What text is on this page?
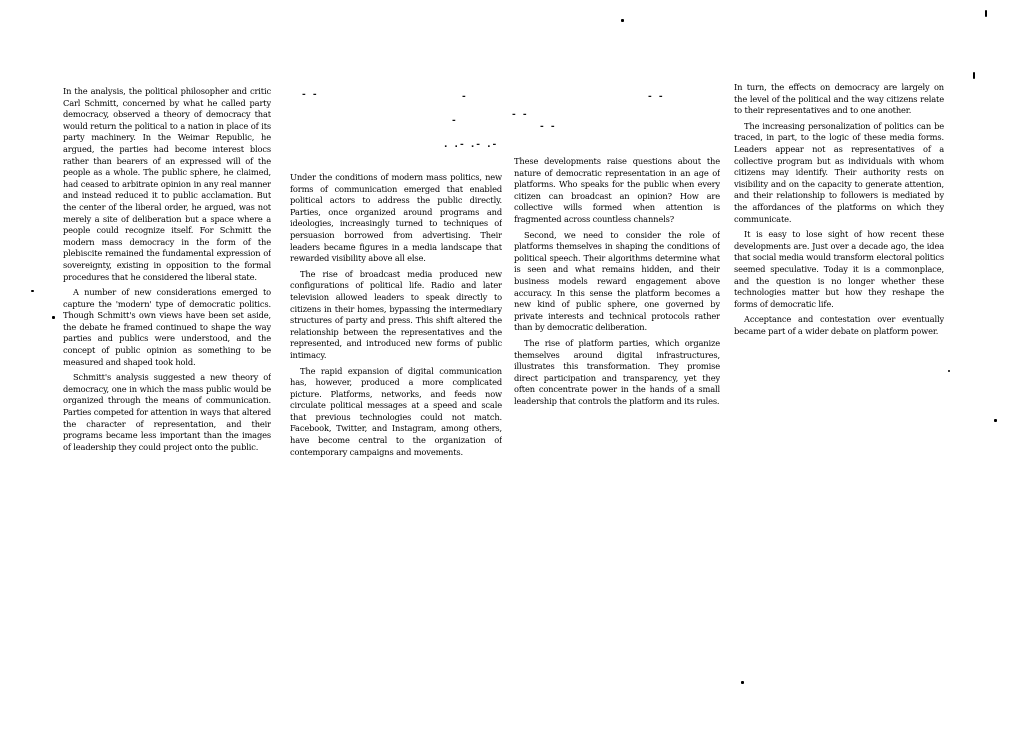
- -	-	- -
-
- -
- -
. .- .- .-

In the analysis, the political philosopher and critic Carl Schmitt, concerned by what he called party democracy, observed a theory of democracy that would return the political to a nation in place of its party machinery. In the Weimar Republic, he argued, the parties had become interest blocs rather than bearers of an expressed will of the people as a whole. The public sphere, he claimed, had ceased to arbitrate opinion in any real manner and instead reduced it to public acclamation. But the center of the liberal order, he argued, was not merely a site of deliberation but a space where a people could recognize itself. For Schmitt the modern mass democracy in the form of the plebiscite remained the fundamental expression of sovereignty, existing in opposition to the formal procedures that he considered the liberal state.

A number of new considerations emerged to capture the 'modern' type of democratic politics. Though Schmitt's own views have been set aside, the debate he framed continued to shape the way parties and publics were understood, and the concept of public opinion as something to be measured and shaped took hold.

Schmitt's analysis suggested a new theory of democracy, one in which the mass public would be organized through the means of communication. Parties competed for attention in ways that altered the character of representation, and their programs became less important than the images of leadership they could project onto the public.

Under the conditions of modern mass politics, new forms of communication emerged that enabled political actors to address the public directly. Parties, once organized around programs and ideologies, increasingly turned to techniques of persuasion borrowed from advertising. Their leaders became figures in a media landscape that rewarded visibility above all else.

The rise of broadcast media produced new configurations of political life. Radio and later television allowed leaders to speak directly to citizens in their homes, bypassing the intermediary structures of party and press. This shift altered the relationship between the representatives and the represented, and introduced new forms of public intimacy.

The rapid expansion of digital communication has, however, produced a more complicated picture. Platforms, networks, and feeds now circulate political messages at a speed and scale that previous technologies could not match. Facebook, Twitter, and Instagram, among others, have become central to the organization of contemporary campaigns and movements.

These developments raise questions about the nature of democratic representation in an age of platforms. Who speaks for the public when every citizen can broadcast an opinion? How are collective wills formed when attention is fragmented across countless channels?

Second, we need to consider the role of platforms themselves in shaping the conditions of political speech. Their algorithms determine what is seen and what remains hidden, and their business models reward engagement above accuracy. In this sense the platform becomes a new kind of public sphere, one governed by private interests and technical protocols rather than by democratic deliberation.

The rise of platform parties, which organize themselves around digital infrastructures, illustrates this transformation. They promise direct participation and transparency, yet they often concentrate power in the hands of a small leadership that controls the platform and its rules.

In turn, the effects on democracy are largely on the level of the political and the way citizens relate to their representatives and to one another.

The increasing personalization of politics can be traced, in part, to the logic of these media forms. Leaders appear not as representatives of a collective program but as individuals with whom citizens may identify. Their authority rests on visibility and on the capacity to generate attention, and their relationship to followers is mediated by the affordances of the platforms on which they communicate.

It is easy to lose sight of how recent these developments are. Just over a decade ago, the idea that social media would transform electoral politics seemed speculative. Today it is a commonplace, and the question is no longer whether these technologies matter but how they reshape the forms of democratic life.

Acceptance and contestation over eventually became part of a wider debate on platform power.
